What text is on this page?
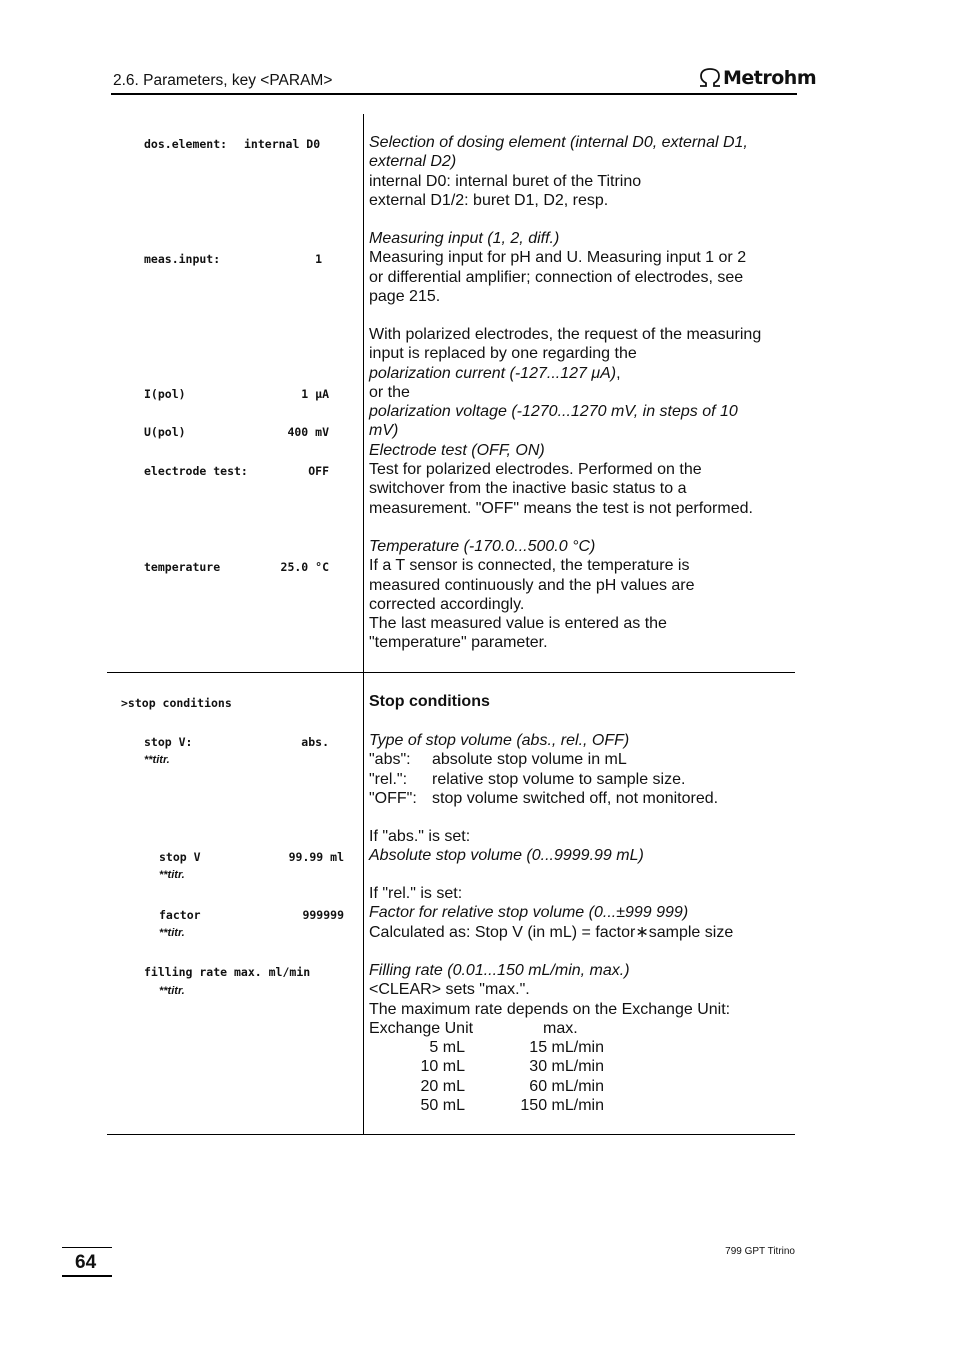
2.6. Parameters, key <PARAM>	Metrohm
dos.element: internal D0
meas.input:	1
I(pol)	1 μA
U(pol)	400 mV
electrode test:	OFF
temperature	25.0 °C
>stop conditions
stop V:	abs.
**titr.
stop V	99.99 ml
**titr.
factor	999999
**titr.
filling rate max. ml/min
**titr.
Selection of dosing element (internal D0, external D1,
external D2)
internal D0: internal buret of the Titrino
external D1/2: buret D1, D2, resp.
Measuring input (1, 2, diff.)
Measuring input for pH and U. Measuring input 1 or 2
or differential amplifier; connection of electrodes, see
page 215.
With polarized electrodes, the request of the measuring
input is replaced by one regarding the
polarization current (-127...127 μA),
or the
polarization voltage (-1270...1270 mV, in steps of 10
mV)
Electrode test (OFF, ON)
Test for polarized electrodes. Performed on the
switchover from the inactive basic status to a
measurement. "OFF" means the test is not performed.
Temperature (-170.0...500.0 °C)
If a T sensor is connected, the temperature is
measured continuously and the pH values are
corrected accordingly.
The last measured value is entered as the
"temperature" parameter.
Stop conditions
Type of stop volume (abs., rel., OFF)
"abs": absolute stop volume in mL
"rel.": relative stop volume to sample size.
"OFF": stop volume switched off, not monitored.
If "abs." is set:
Absolute stop volume (0...9999.99 mL)
If "rel." is set:
Factor for relative stop volume (0...±999 999)
Calculated as: Stop V (in mL) = factor∗sample size
Filling rate (0.01...150 mL/min, max.)
<CLEAR> sets "max.".
The maximum rate depends on the Exchange Unit:
Exchange Unit	max.
5 mL	15 mL/min
10 mL	30 mL/min
20 mL	60 mL/min
50 mL	150 mL/min
64
799 GPT Titrino
